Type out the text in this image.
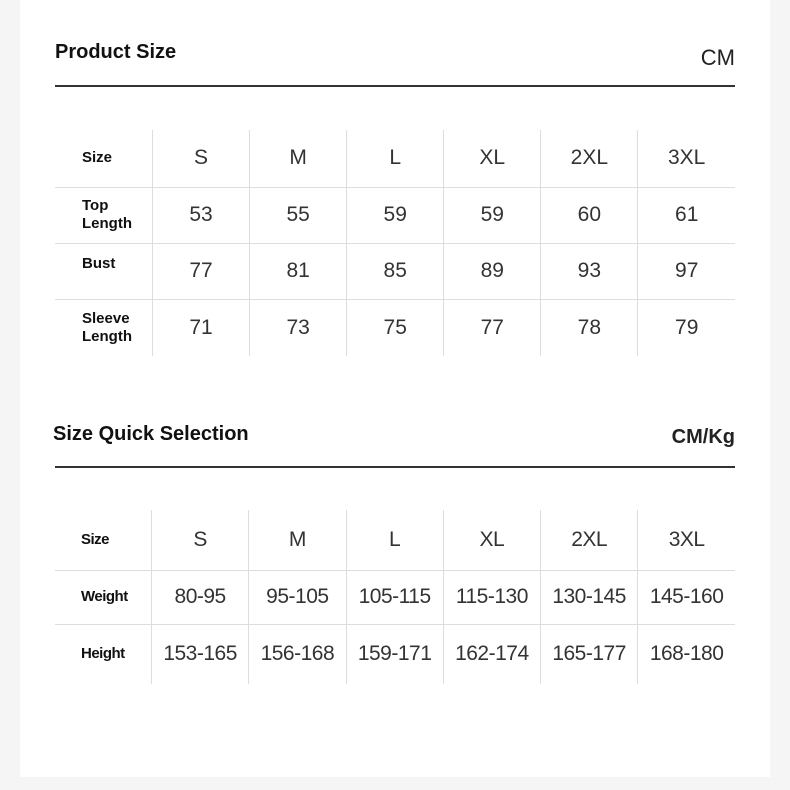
Product Size	CM
Size	S	M	L	XL	2XL	3XL

Top
Length	53	55	59	59	60	61

Bust	77	81	85	89	93	97

Sleeve
Length	71	73	75	77	78	79
Size Quick Selection	CM/Kg
Size	S	M	L	XL	2XL	3XL
Weight	80-95	95-105	105-115	115-130	130-145	145-160
Height	153-165	156-168	159-171	162-174	165-177	168-180
